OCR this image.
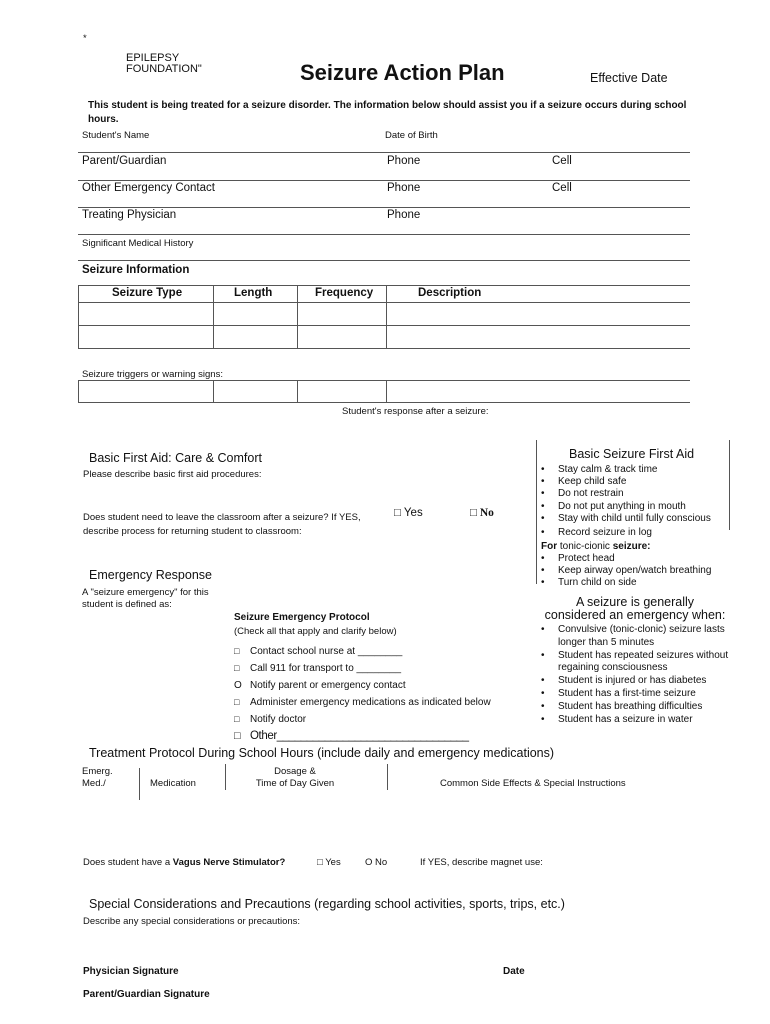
*
EPILEPSY
FOUNDATION"	Seizure Action Plan	Effective Date
This student is being treated for a seizure disorder. The information below should assist you if a seizure occurs during school hours.
Student's Name	Date of Birth
Parent/Guardian	Phone	Cell
Other Emergency Contact	Phone	Cell
Treating Physician	Phone
Significant Medical History
Seizure Information
Seizure Type	Length	Frequency	Description
Seizure triggers or warning signs:
Student's response after a seizure:
Basic First Aid: Care & Comfort
Please describe basic first aid procedures:
Does student need to leave the classroom after a seizure? If YES, describe process for returning student to classroom:
□ Yes	□ No
Basic Seizure First Aid
• Stay calm & track time
• Keep child safe
• Do not restrain
• Do not put anything in mouth
• Stay with child until fully conscious
• Record seizure in log
For tonic-cionic seizure:
• Protect head
• Keep airway open/watch breathing
• Turn child on side
Emergency Response
A "seizure emergency" for this student is defined as:
Seizure Emergency Protocol
(Check all that apply and clarify below)
□ Contact school nurse at ________
□ Call 911 for transport to ________
O Notify parent or emergency contact
□ Administer emergency medications as indicated below
□ Notify doctor
□ Other________________________________
A seizure is generally
considered an emergency when:
• Convulsive (tonic-clonic) seizure lasts
longer than 5 minutes
• Student has repeated seizures without
regaining consciousness
• Student is injured or has diabetes
• Student has a first-time seizure
• Student has breathing difficulties
• Student has a seizure in water
Treatment Protocol During School Hours (include daily and emergency medications)
Emerg.
Med./	Medication
Dosage &
Time of Day Given	Common Side Effects & Special Instructions
Does student have a Vagus Nerve Stimulator?	□ Yes	O No	If YES, describe magnet use:
Special Considerations and Precautions (regarding school activities, sports, trips, etc.)
Describe any special considerations or precautions:
Physician Signature	Date
Parent/Guardian Signature
